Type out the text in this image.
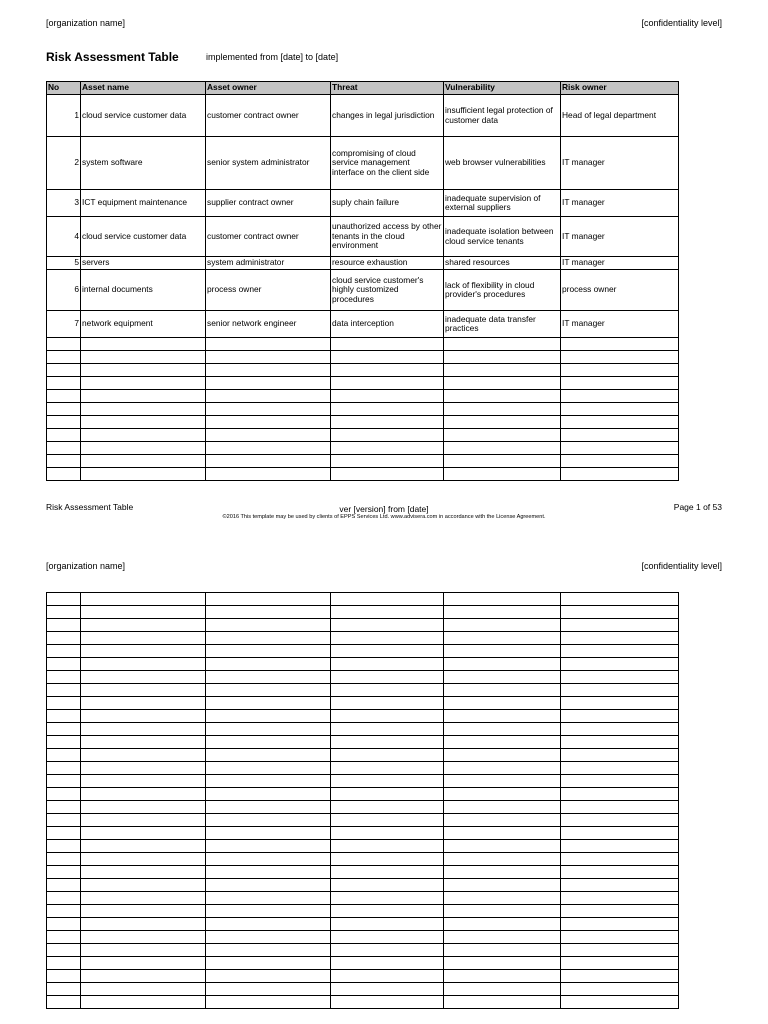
[organization name]	[confidentiality level]
Risk Assessment Table	implemented from [date] to [date]
No	Asset name	Asset owner	Threat	Vulnerability	Risk owner
1	cloud service customer data	customer contract owner	changes in legal jurisdiction	insufficient legal protection of customer data	Head of legal department
2	system software	senior system administrator	compromising of cloud service management interface on the client side	web browser vulnerabilities	IT manager
3	ICT equipment maintenance	supplier contract owner	suply chain failure	inadequate supervision of external suppliers	IT manager
4	cloud service customer data	customer contract owner	unauthorized access by other tenants in the cloud environment	inadequate isolation between cloud service tenants	IT manager
5	servers	system administrator	resource exhaustion	shared resources	IT manager
6	internal documents	process owner	cloud service customer's highly customized procedures	lack of flexibility in cloud provider's procedures	process owner
7	network equipment	senior network engineer	data interception	inadequate data transfer practices	IT manager

Risk Assessment Table	ver [version] from [date]	Page 1 of 53
©2016 This template may be used by clients of EPPS Services Ltd. www.advisera.com in accordance with the License Agreement.
[organization name]	[confidentiality level]
